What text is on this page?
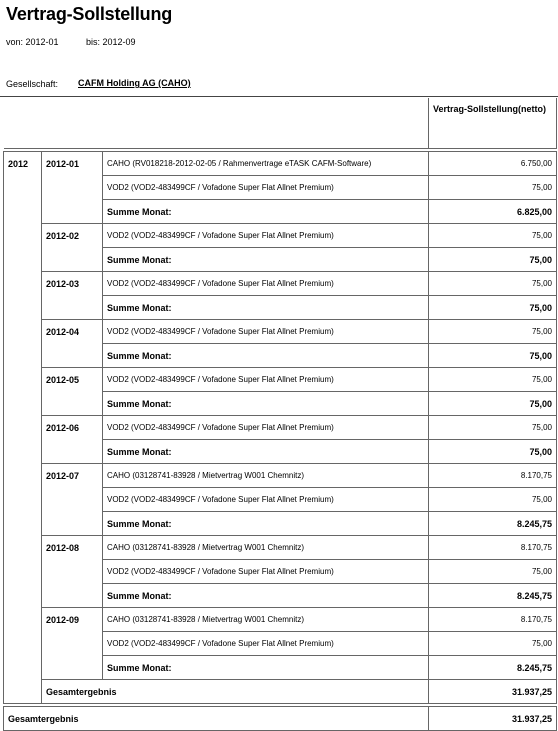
Vertrag-Sollstellung
von: 2012-01	bis: 2012-09
Gesellschaft: CAFM Holding AG (CAHO)
			Vertrag-Sollstellung(netto)

2012	2012-01	CAHO (RV018218-2012-02-05 / Rahmenvertrage eTASK CAFM-Software)	6.750,00
		VOD2 (VOD2-483499CF / Vofadone Super Flat Allnet Premium)	75,00
		Summe Monat:	6.825,00
	2012-02	VOD2 (VOD2-483499CF / Vofadone Super Flat Allnet Premium)	75,00
		Summe Monat:	75,00
	2012-03	VOD2 (VOD2-483499CF / Vofadone Super Flat Allnet Premium)	75,00
		Summe Monat:	75,00
	2012-04	VOD2 (VOD2-483499CF / Vofadone Super Flat Allnet Premium)	75,00
		Summe Monat:	75,00
	2012-05	VOD2 (VOD2-483499CF / Vofadone Super Flat Allnet Premium)	75,00
		Summe Monat:	75,00
	2012-06	VOD2 (VOD2-483499CF / Vofadone Super Flat Allnet Premium)	75,00
		Summe Monat:	75,00
	2012-07	CAHO (03128741-83928 / Mietvertrag W001 Chemnitz)	8.170,75
		VOD2 (VOD2-483499CF / Vofadone Super Flat Allnet Premium)	75,00
		Summe Monat:	8.245,75
	2012-08	CAHO (03128741-83928 / Mietvertrag W001 Chemnitz)	8.170,75
		VOD2 (VOD2-483499CF / Vofadone Super Flat Allnet Premium)	75,00
		Summe Monat:	8.245,75
	2012-09	CAHO (03128741-83928 / Mietvertrag W001 Chemnitz)	8.170,75
		VOD2 (VOD2-483499CF / Vofadone Super Flat Allnet Premium)	75,00
		Summe Monat:	8.245,75
	Gesamtergebnis		31.937,25

Gesamtergebnis			31.937,25
